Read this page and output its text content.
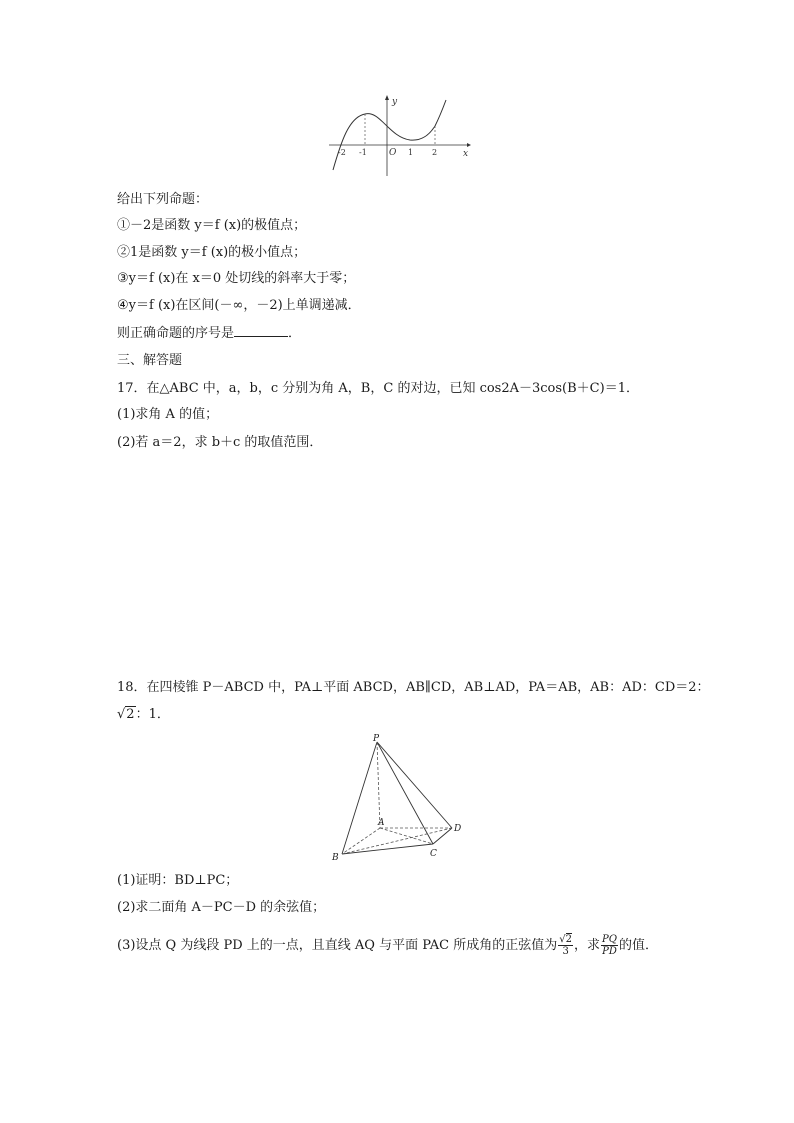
y
x
O
-2 -1	1 2
给出下列命题：
①－2是函数 y＝f (x)的极值点；
②1是函数 y＝f (x)的极小值点；
③y＝f (x)在 x＝0 处切线的斜率大于零；
④y＝f (x)在区间(－∞，－2)上单调递减．
则正确命题的序号是	．
三、解答题
17．在△ABC 中，a，b，c 分别为角 A，B，C 的对边，已知 cos2A－3cos(B＋C)＝1．
(1)求角 A 的值；
(2)若 a＝2，求 b＋c 的取值范围．
18．在四棱锥 P－ABCD 中，PA⊥平面 ABCD，AB∥CD，AB⊥AD，PA＝AB，AB：AD：CD＝2：
√2：1．
P
A
B	C
D
(1)证明：BD⊥PC；
(2)求二面角 A－PC－D 的余弦值；
(3)设点 Q 为线段 PD 上的一点，且直线 AQ 与平面 PAC 所成角的正弦值为 $\frac{√2}{3}$ ，求 $\frac{PQ}{PD}$ 的值．
